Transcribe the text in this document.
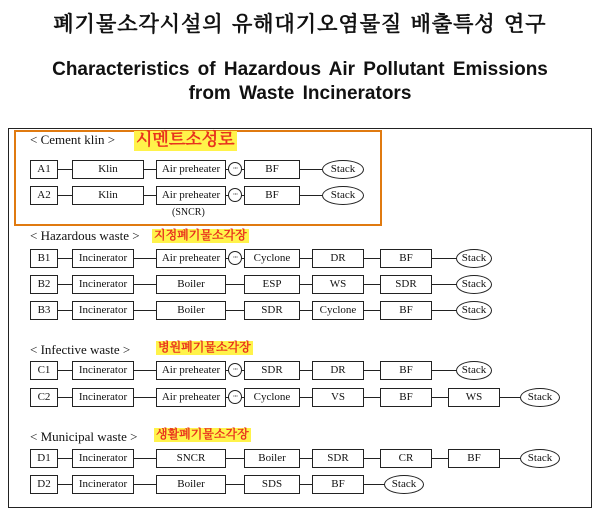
폐기물소각시설의 유해대기오염물질 배출특성 연구
Characteristics of Hazardous Air Pollutant Emissions
from Waste Incinerators
< Cement klin > 시멘트소성로
< Hazardous waste > 지정폐기물소각장
< Infective waste > 병원폐기물소각장
< Municipal waste > 생활폐기물소각장
A1	Klin	Air preheater	···	BF	Stack
A2	Klin	Air preheater	···	BF	Stack
(SNCR)
B1	Incinerator	Air preheater	···	Cyclone	DR	BF	Stack
B2	Incinerator	Boiler	ESP	WS	SDR	Stack
B3	Incinerator	Boiler	SDR	Cyclone	BF	Stack
C1	Incinerator	Air preheater	···	SDR	DR	BF	Stack
C2	Incinerator	Air preheater	···	Cyclone	VS	BF	WS	Stack
D1	Incinerator	SNCR	Boiler	SDR	CR	BF	Stack
D2	Incinerator	Boiler	SDS	BF	Stack
